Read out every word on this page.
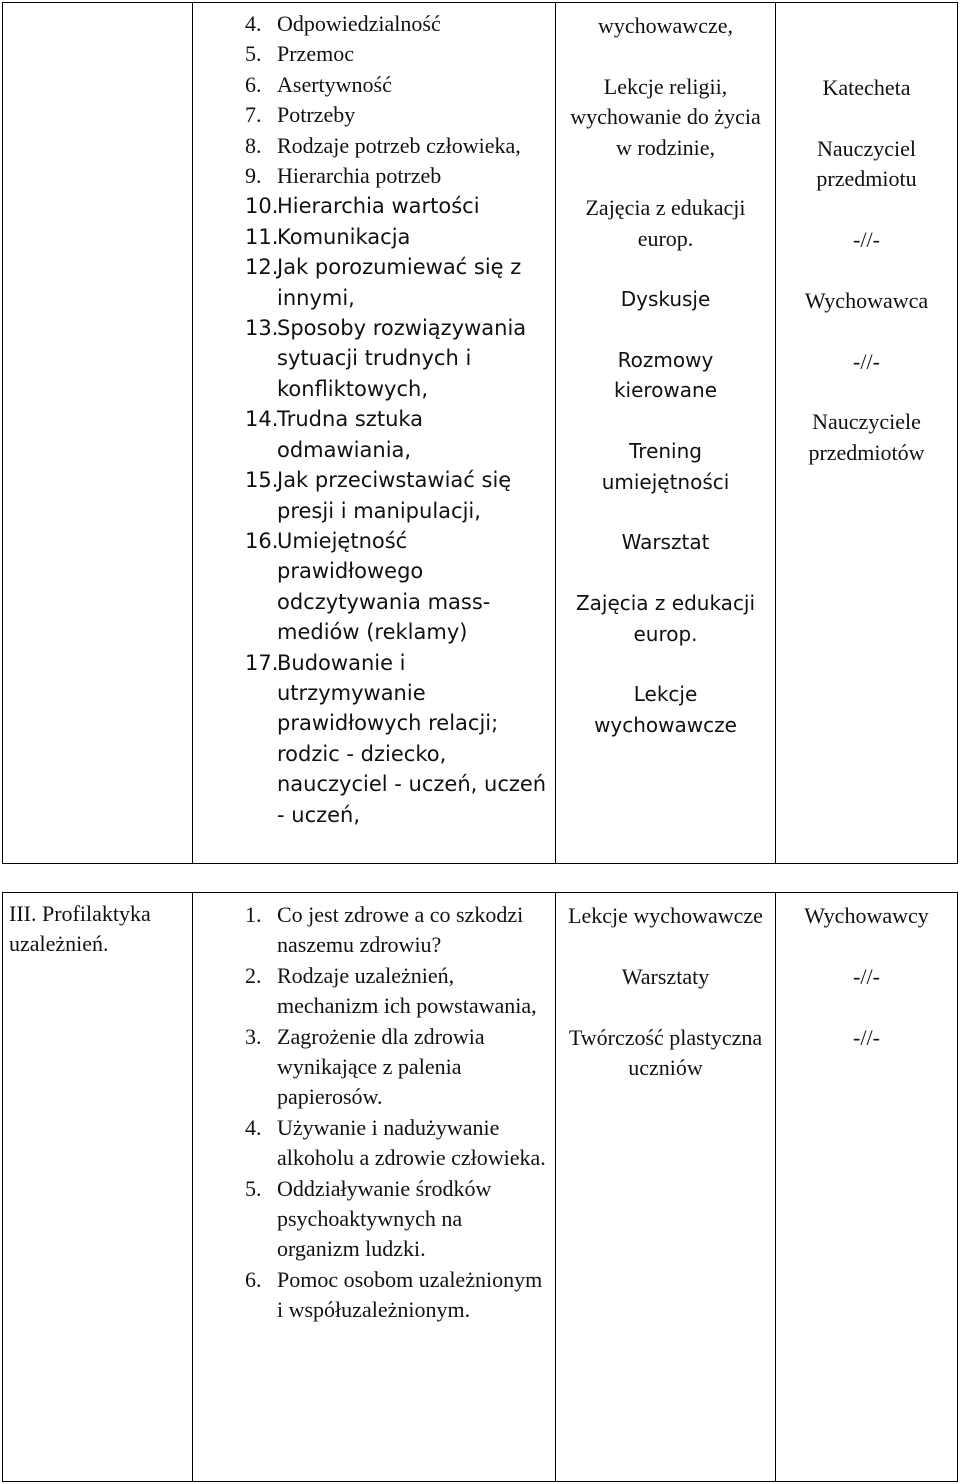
4. Odpowiedzialność
5. Przemoc
6. Asertywność
7. Potrzeby
8. Rodzaje potrzeb człowieka,
9. Hierarchia potrzeb
10.
Hierarchia wartości
11.
Komunikacja
12.
Jak porozumiewać się z innymi,
13.
Sposoby rozwiązywania sytuacji trudnych i konfliktowych,
14.
Trudna sztuka odmawiania,
15.
Jak przeciwstawiać się presji i manipulacji,
16.
Umiejętność prawidłowego odczytywania mass-mediów (reklamy)
17.
Budowanie i utrzymywanie prawidłowych relacji; rodzic - dziecko, nauczyciel - uczeń, uczeń - uczeń,

wychowawcze,

Lekcje religii, wychowanie do życia w rodzinie,

Zajęcia z edukacji europ.

Dyskusje

Rozmowy kierowane

Trening umiejętności

Warsztat

Zajęcia z edukacji europ.

Lekcje wychowawcze

Katecheta

Nauczyciel przedmiotu

-//-

Wychowawca

-//-

Nauczyciele przedmiotów

III. Profilaktyka uzależnień.
1. Co jest zdrowe a co szkodzi naszemu zdrowiu?
2. Rodzaje uzależnień, mechanizm ich powstawania,
3. Zagrożenie dla zdrowia wynikające z palenia papierosów.
4. Używanie i nadużywanie alkoholu a zdrowie człowieka.
5. Oddziaływanie środków psychoaktywnych na organizm ludzki.
6. Pomoc osobom uzależnionym i współuzależnionym.

Lekcje wychowawcze

Warsztaty

Twórczość plastyczna uczniów

Wychowawcy

-//-

-//-
